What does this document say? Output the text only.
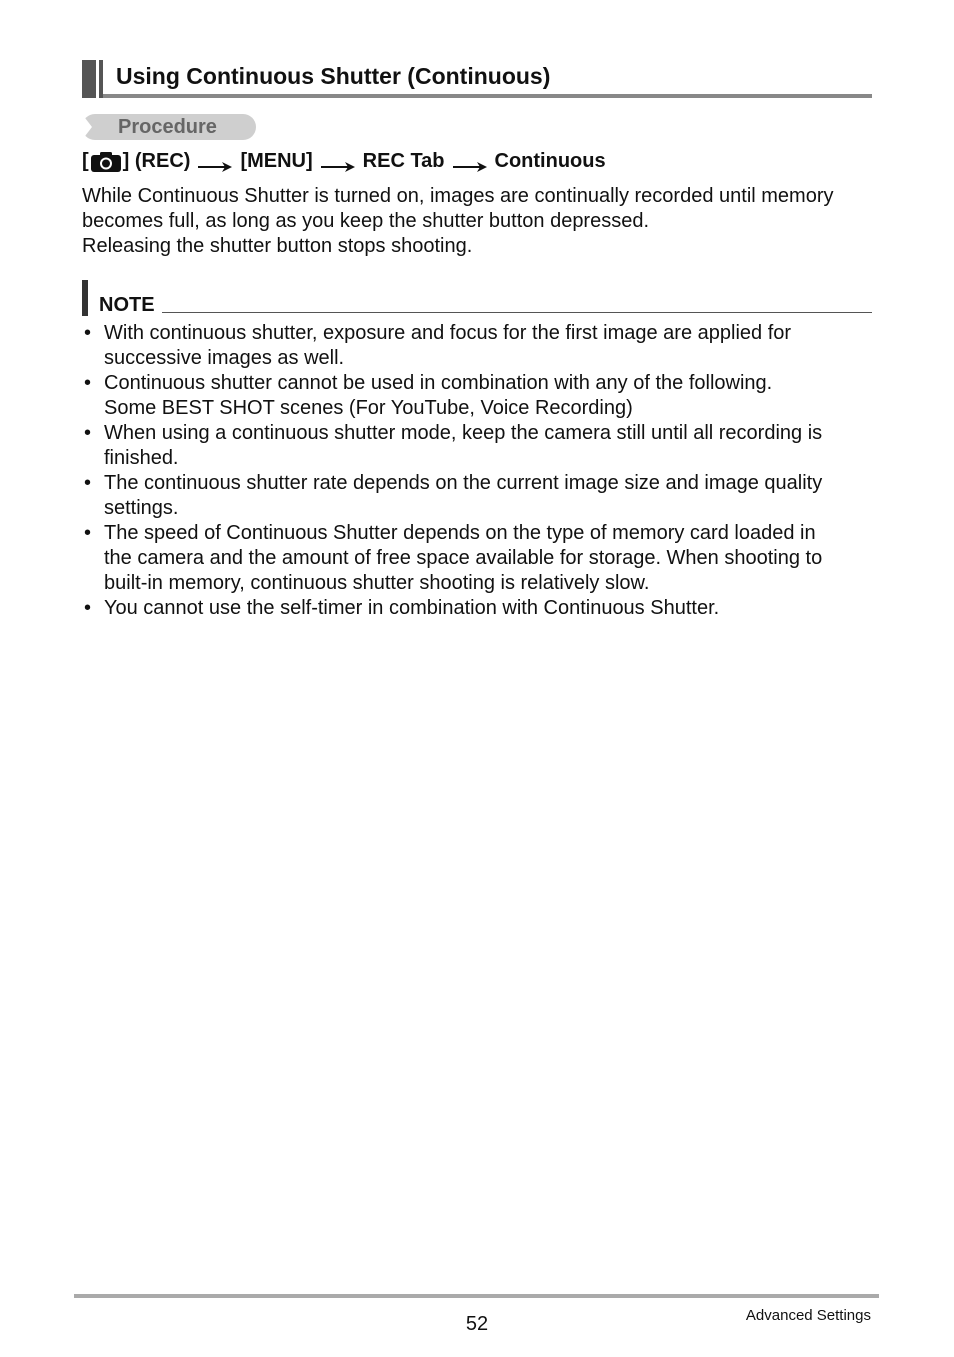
Using Continuous Shutter (Continuous)
Procedure
[ ] (REC)	[MENU]	REC Tab	Continuous

While Continuous Shutter is turned on, images are continually recorded until memory

becomes full, as long as you keep the shutter button depressed.

Releasing the shutter button stops shooting.

NOTE
• With continuous shutter, exposure and focus for the first image are applied for
successive images as well.
• Continuous shutter cannot be used in combination with any of the following.
Some BEST SHOT scenes (For YouTube, Voice Recording)
• When using a continuous shutter mode, keep the camera still until all recording is
finished.
• The continuous shutter rate depends on the current image size and image quality
settings.
• The speed of Continuous Shutter depends on the type of memory card loaded in
the camera and the amount of free space available for storage. When shooting to
built-in memory, continuous shutter shooting is relatively slow.
• You cannot use the self-timer in combination with Continuous Shutter.
52	Advanced Settings
